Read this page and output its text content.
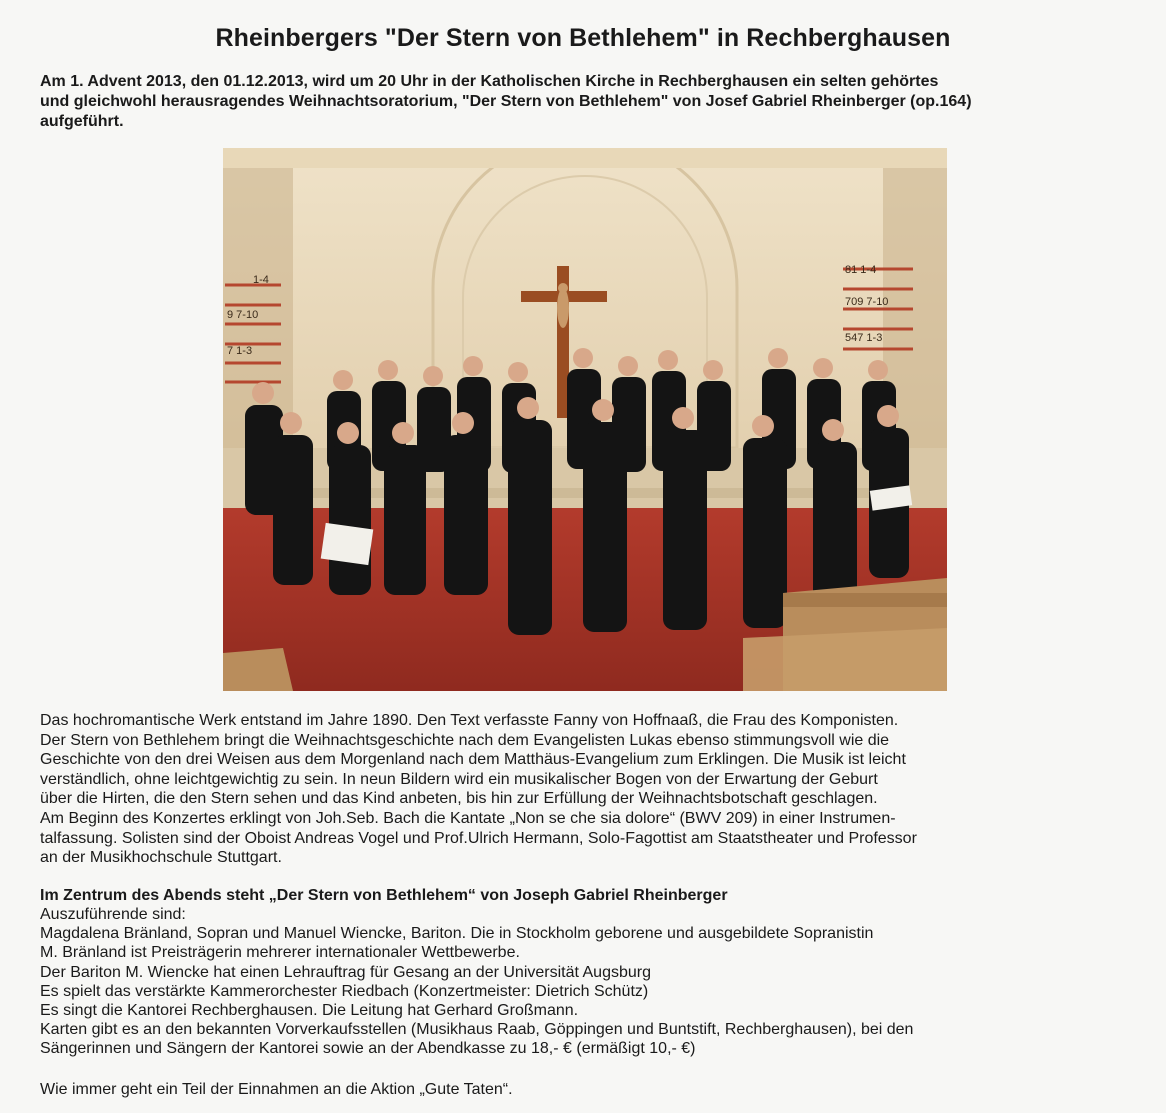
Rheinbergers "Der Stern von Bethlehem" in Rechberghausen
Am 1. Advent 2013, den 01.12.2013, wird um 20 Uhr in der Katholischen Kirche in Rechberghausen ein selten gehörtes
und gleichwohl herausragendes Weihnachtsoratorium, "Der Stern von Bethlehem" von Josef Gabriel Rheinberger (op.164)
aufgeführt.
1-4
9 7-10
7 1-3
81 1-4
709 7-10
547 1-3
Das hochromantische Werk entstand im Jahre 1890. Den Text verfasste Fanny von Hoffnaaß, die Frau des Komponisten.
Der Stern von Bethlehem bringt die Weihnachtsgeschichte nach dem Evangelisten Lukas ebenso stimmungsvoll wie die
Geschichte von den drei Weisen aus dem Morgenland nach dem Matthäus-Evangelium zum Erklingen. Die Musik ist leicht
verständlich, ohne leichtgewichtig zu sein. In neun Bildern wird ein musikalischer Bogen von der Erwartung der Geburt
über die Hirten, die den Stern sehen und das Kind anbeten, bis hin zur Erfüllung der Weihnachtsbotschaft geschlagen.
Am Beginn des Konzertes erklingt von Joh.Seb. Bach die Kantate „Non se che sia dolore“ (BWV 209) in einer Instrumen-
talfassung. Solisten sind der Oboist Andreas Vogel und Prof.Ulrich Hermann, Solo-Fagottist am Staatstheater und Professor
an der Musikhochschule Stuttgart.
Im Zentrum des Abends steht „Der Stern von Bethlehem“ von Joseph Gabriel Rheinberger
Auszuführende sind:
Magdalena Bränland, Sopran und Manuel Wiencke, Bariton. Die in Stockholm geborene und ausgebildete Sopranistin
M. Bränland ist Preisträgerin mehrerer internationaler Wettbewerbe.
Der Bariton M. Wiencke hat einen Lehrauftrag für Gesang an der Universität Augsburg
Es spielt das verstärkte Kammerorchester Riedbach (Konzertmeister: Dietrich Schütz)
Es singt die Kantorei Rechberghausen. Die Leitung hat Gerhard Großmann.
Karten gibt es an den bekannten Vorverkaufsstellen (Musikhaus Raab, Göppingen und Buntstift, Rechberghausen), bei den
Sängerinnen und Sängern der Kantorei sowie an der Abendkasse zu 18,- € (ermäßigt 10,- €)
Wie immer geht ein Teil der Einnahmen an die Aktion „Gute Taten“.
